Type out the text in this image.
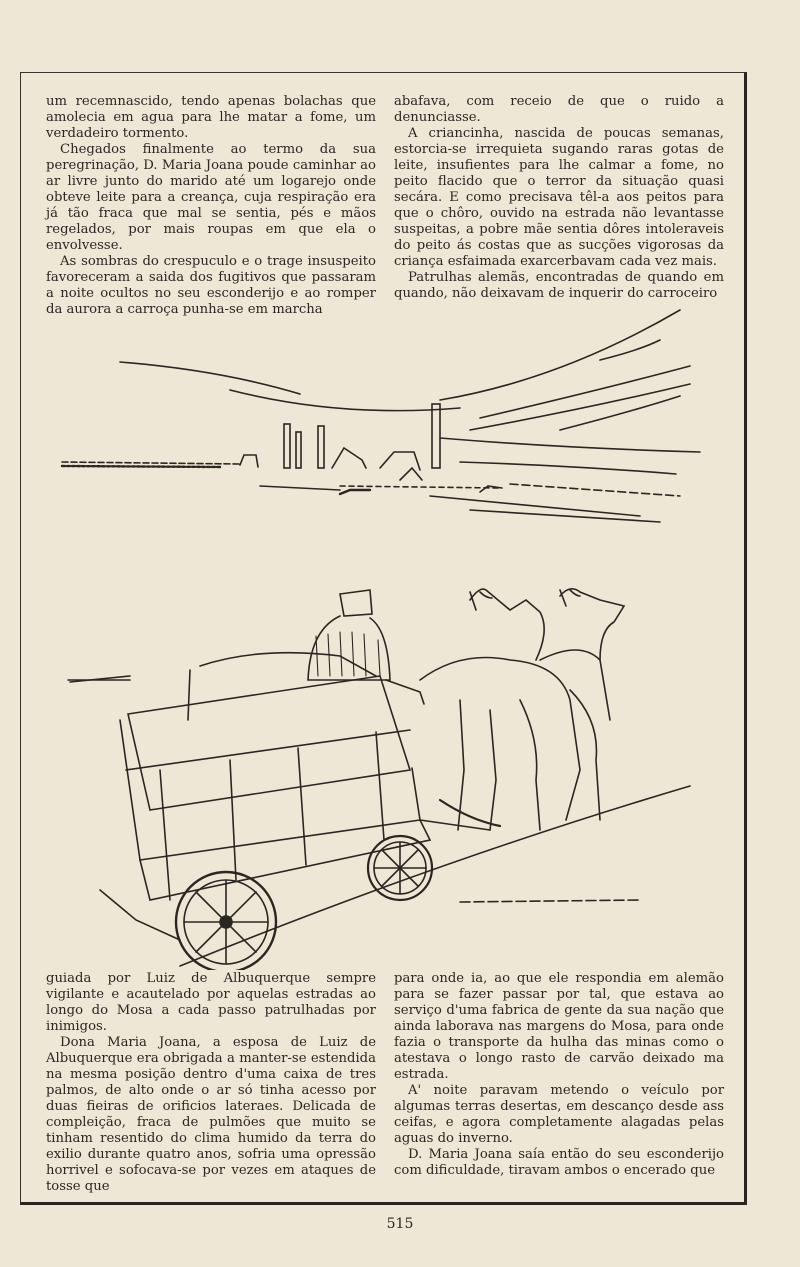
um recemnascido, tendo apenas bolachas que amolecia em agua para lhe matar a fome, um verdadeiro tormento.

Chegados finalmente ao termo da sua peregrinação, D. Maria Joana poude caminhar ao ar livre junto do marido até um logarejo onde obteve leite para a creança, cuja respiração era já tão fraca que mal se sentia, pés e mãos regelados, por mais roupas em que ela o envolvesse.

As sombras do crespuculo e o trage insuspeito favoreceram a saida dos fugitivos que passaram a noite ocultos no seu esconderijo e ao romper da aurora a carroça punha-se em marcha

abafava, com receio de que o ruido a denunciasse.

A criancinha, nascida de poucas semanas, estorcia-se irrequieta sugando raras gotas de leite, insufientes para lhe calmar a fome, no peito flacido que o terror da situação quasi secára. E como precisava têl-a aos peitos para que o chôro, ouvido na estrada não levantasse suspeitas, a pobre mãe sentia dôres intoleraveis do peito ás costas que as sucções vigorosas da criança esfaimada exarcerbavam cada vez mais.

Patrulhas alemãs, encontradas de quando em quando, não deixavam de inquerir do carroceiro

guiada por Luiz de Albuquerque sempre vigilante e acautelado por aquelas estradas ao longo do Mosa a cada passo patrulhadas por inimigos.

Dona Maria Joana, a esposa de Luiz de Albuquerque era obrigada a manter-se estendida na mesma posição dentro d'uma caixa de tres palmos, de alto onde o ar só tinha acesso por duas fieiras de orificios lateraes. Delicada de compleição, fraca de pulmões que muito se tinham resentido do clima humido da terra do exilio durante quatro anos, sofria uma opressão horrivel e sofocava-se por vezes em ataques de tosse que

para onde ia, ao que ele respondia em alemão para se fazer passar por tal, que estava ao serviço d'uma fabrica de gente da sua nação que ainda laborava nas margens do Mosa, para onde fazia o transporte da hulha das minas como o atestava o longo rasto de carvão deixado ma estrada.

A' noite paravam metendo o veículo por algumas terras desertas, em descanço desde ass ceifas, e agora completamente alagadas pelas aguas do inverno.

D. Maria Joana saía então do seu esconderijo com dificuldade, tiravam ambos o encerado que

515
